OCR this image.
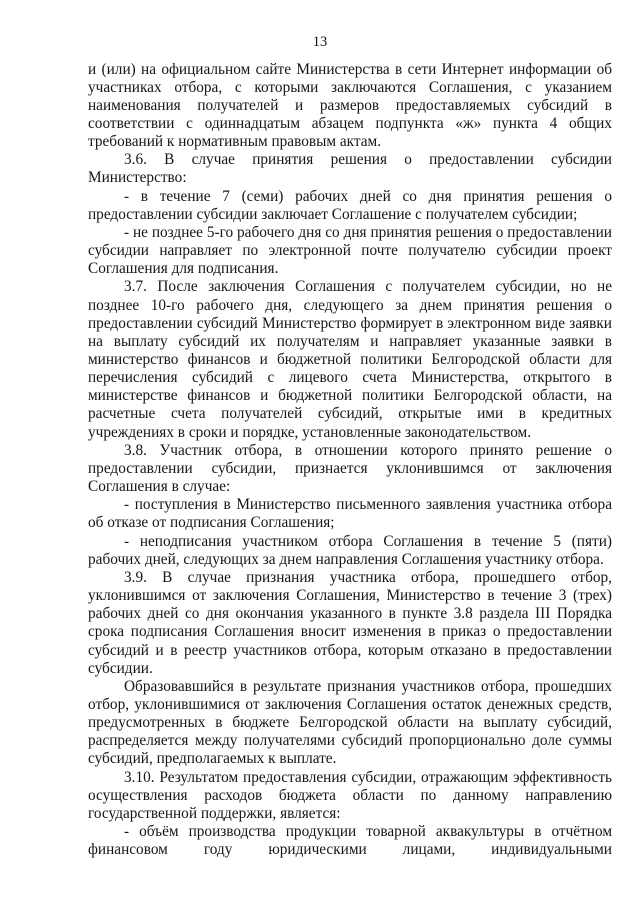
13

и (или) на официальном сайте Министерства в сети Интернет информации об участниках отбора, с которыми заключаются Соглашения, с указанием наименования получателей и размеров предоставляемых субсидий в соответствии с одиннадцатым абзацем подпункта «ж» пункта 4 общих требований к нормативным правовым актам.

3.6. В случае принятия решения о предоставлении субсидии Министерство:

- в течение 7 (семи) рабочих дней со дня принятия решения о предоставлении субсидии заключает Соглашение с получателем субсидии;

- не позднее 5-го рабочего дня со дня принятия решения о предоставлении субсидии направляет по электронной почте получателю субсидии проект Соглашения для подписания.

3.7. После заключения Соглашения с получателем субсидии, но не позднее 10-го рабочего дня, следующего за днем принятия решения о предоставлении субсидий Министерство формирует в электронном виде заявки на выплату субсидий их получателям и направляет указанные заявки в министерство финансов и бюджетной политики Белгородской области для перечисления субсидий с лицевого счета Министерства, открытого в министерстве финансов и бюджетной политики Белгородской области, на расчетные счета получателей субсидий, открытые ими в кредитных учреждениях в сроки и порядке, установленные законодательством.

3.8. Участник отбора, в отношении которого принято решение о предоставлении субсидии, признается уклонившимся от заключения Соглашения в случае:

- поступления в Министерство письменного заявления участника отбора об отказе от подписания Соглашения;

- неподписания участником отбора Соглашения в течение 5 (пяти) рабочих дней, следующих за днем направления Соглашения участнику отбора.

3.9. В случае признания участника отбора, прошедшего отбор, уклонившимся от заключения Соглашения, Министерство в течение 3 (трех) рабочих дней со дня окончания указанного в пункте 3.8 раздела III Порядка срока подписания Соглашения вносит изменения в приказ о предоставлении субсидий и в реестр участников отбора, которым отказано в предоставлении субсидии.

Образовавшийся в результате признания участников отбора, прошедших отбор, уклонившимися от заключения Соглашения остаток денежных средств, предусмотренных в бюджете Белгородской области на выплату субсидий, распределяется между получателями субсидий пропорционально доле суммы субсидий, предполагаемых к выплате.

3.10. Результатом предоставления субсидии, отражающим эффективность осуществления расходов бюджета области по данному направлению государственной поддержки, является:

- объём производства продукции товарной аквакультуры в отчётном финансовом году юридическими лицами, индивидуальными
